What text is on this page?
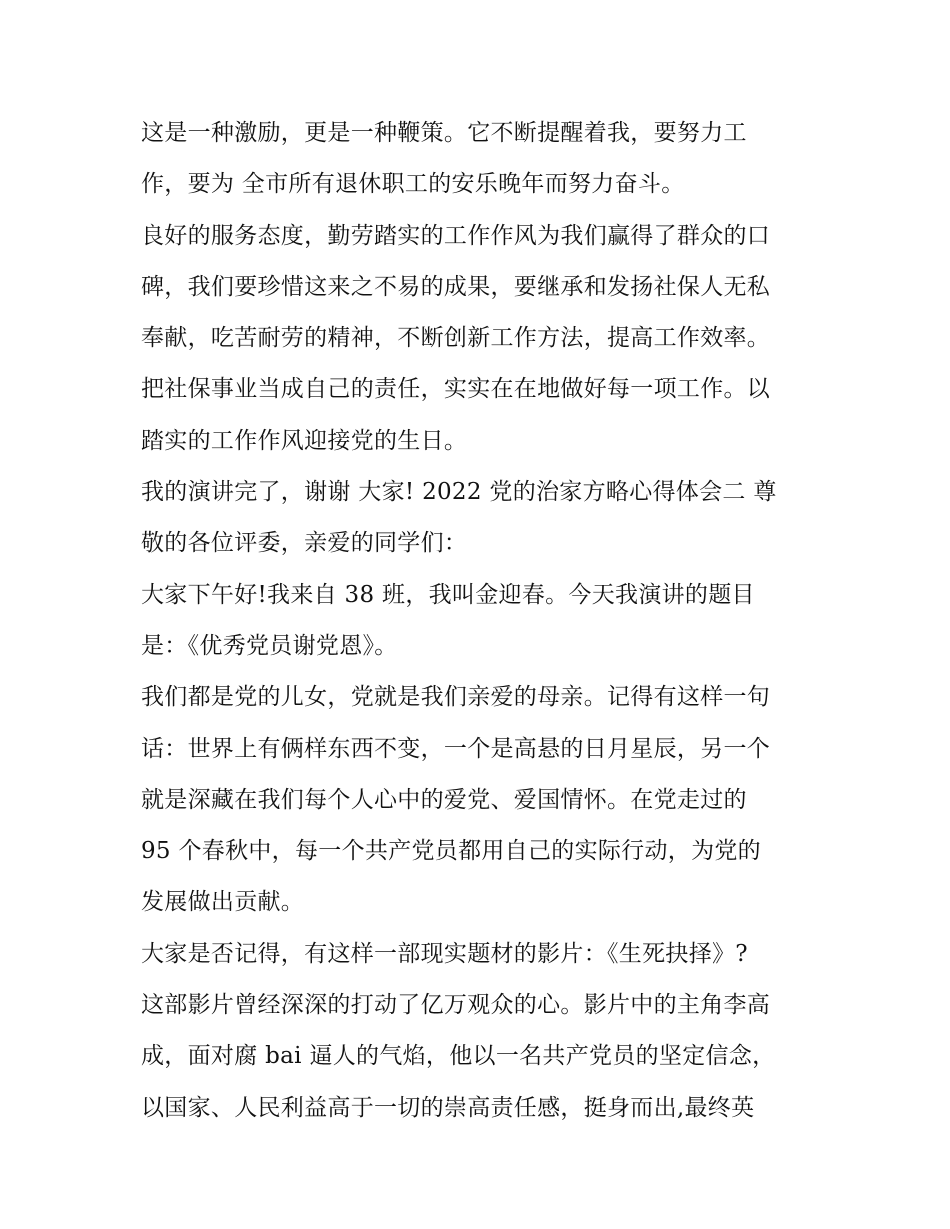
这是一种激励，更是一种鞭策。它不断提醒着我，要努力工
作，要为 全市所有退休职工的安乐晚年而努力奋斗。
良好的服务态度，勤劳踏实的工作作风为我们赢得了群众的口
碑，我们要珍惜这来之不易的成果，要继承和发扬社保人无私
奉献，吃苦耐劳的精神，不断创新工作方法，提高工作效率。
把社保事业当成自己的责任，实实在在地做好每一项工作。以
踏实的工作作风迎接党的生日。
我的演讲完了，谢谢 大家! 2022 党的治家方略心得体会二 尊
敬的各位评委，亲爱的同学们：
大家下午好!我来自 38 班，我叫金迎春。今天我演讲的题目
是：《优秀党员谢党恩》。
我们都是党的儿女，党就是我们亲爱的母亲。记得有这样一句
话：世界上有俩样东西不变，一个是高悬的日月星辰，另一个
就是深藏在我们每个人心中的爱党、爱国情怀。在党走过的
95 个春秋中，每一个共产党员都用自己的实际行动，为党的
发展做出贡献。
大家是否记得，有这样一部现实题材的影片：《生死抉择》?
这部影片曾经深深的打动了亿万观众的心。影片中的主角李高
成，面对腐 bai 逼人的气焰，他以一名共产党员的坚定信念，
以国家、人民利益高于一切的崇高责任感，挺身而出,最终英
